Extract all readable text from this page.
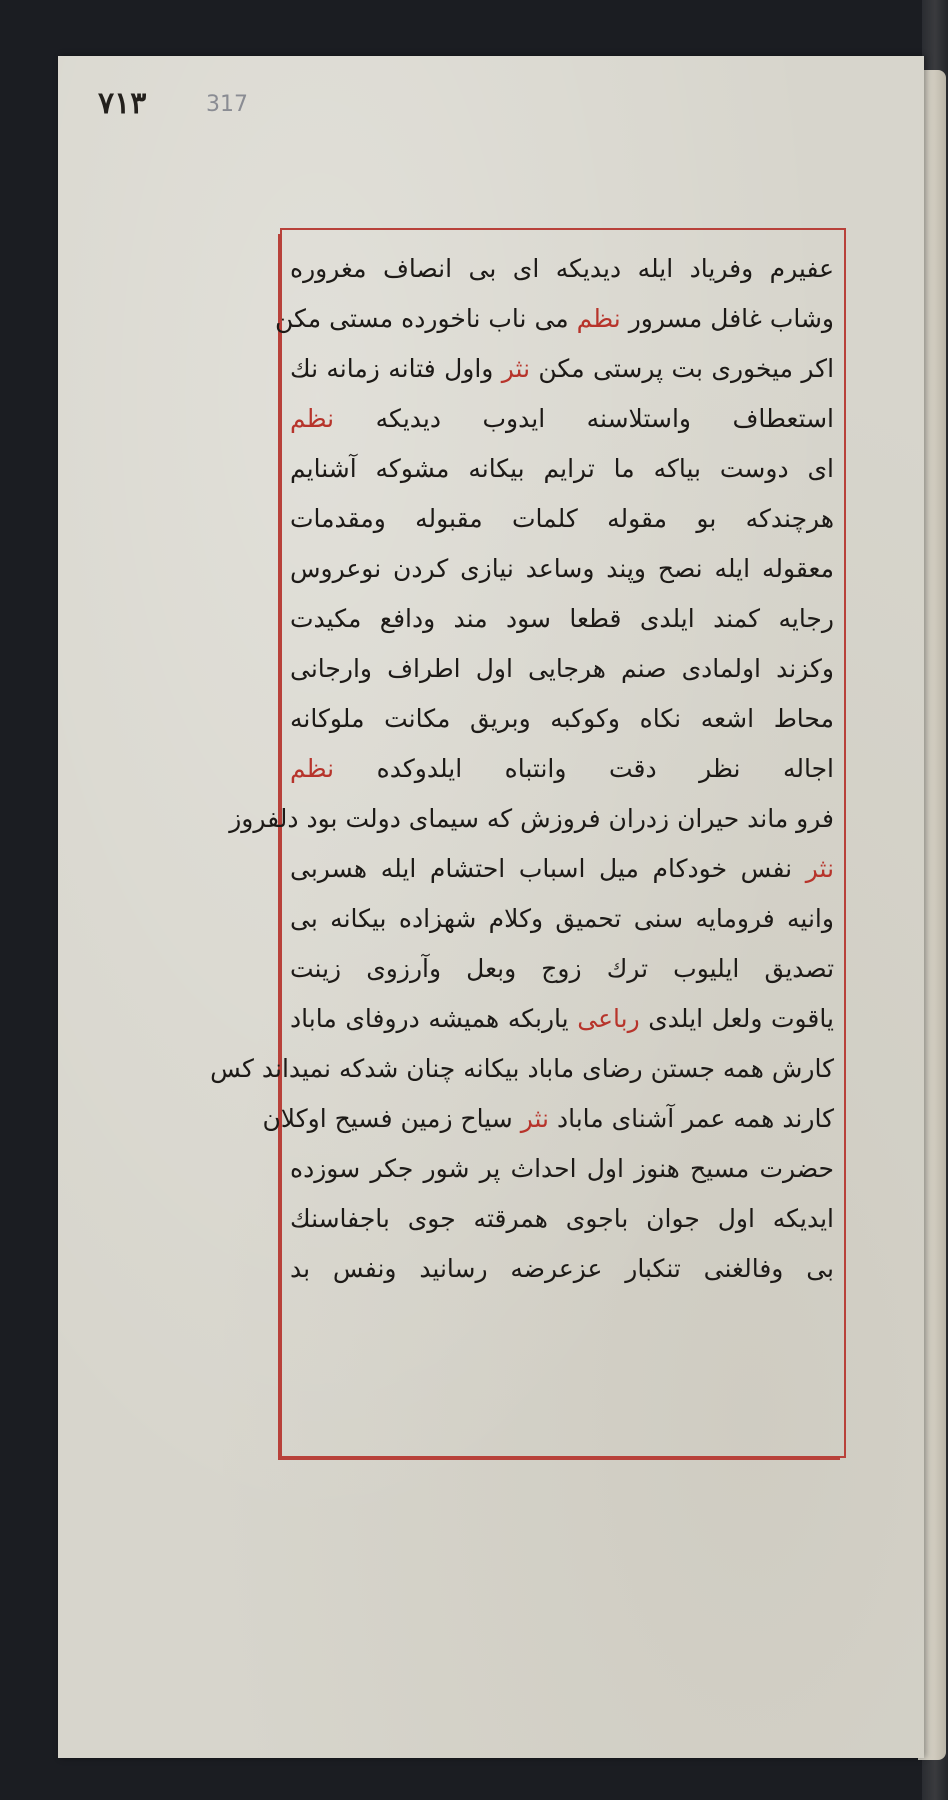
٣١٧	317
عفيرم وفرياد ايله ديديكه اى بى انصاف مغروره
وشاب غافل مسرور نظم مى ناب ناخورده مستى مكن
اكر ميخورى بت پرستى مكن نثر واول فتانه زمانه نك
استعطاف واستلاسنه ايدوب ديديكه نظم
اى دوست بياكه ما ترايم بيكانه مشوكه آشنايم
هرچندكه بو مقوله كلمات مقبوله ومقدمات
معقوله ايله نصح وپند وساعد نيازى كردن نوعروس
رجايه كمند ايلدى قطعا سود مند ودافع مكيدت
وكزند اولمادى صنم هرجايى اول اطراف وارجانى
محاط اشعه نكاه وكوكبه وبريق مكانت ملوكانه
اجاله نظر دقت وانتباه ايلدوكده نظم
فرو ماند حيران زدران فروزش كه سيماى دولت بود دلفروز
نثر نفس خودكام ميل اسباب احتشام ايله هسربى
وانيه فرومايه سنى تحميق وكلام شهزاده بيكانه بى
تصديق ايليوب ترك زوج وبعل وآرزوى زينت
ياقوت ولعل ايلدى رباعى ياربكه هميشه دروفاى ماباد
كارش همه جستن رضاى ماباد بيكانه چنان شدكه نميداند كس
كارند همه عمر آشناى ماباد نثر سياح زمين فسيح اوكلان
حضرت مسيح هنوز اول احداث پر شور جكر سوزده
ايديكه اول جوان باجوى همرقته جوى باجفاسنك
بى وفالغنى تنكبار عزعرضه رسانيد ونفس بد
